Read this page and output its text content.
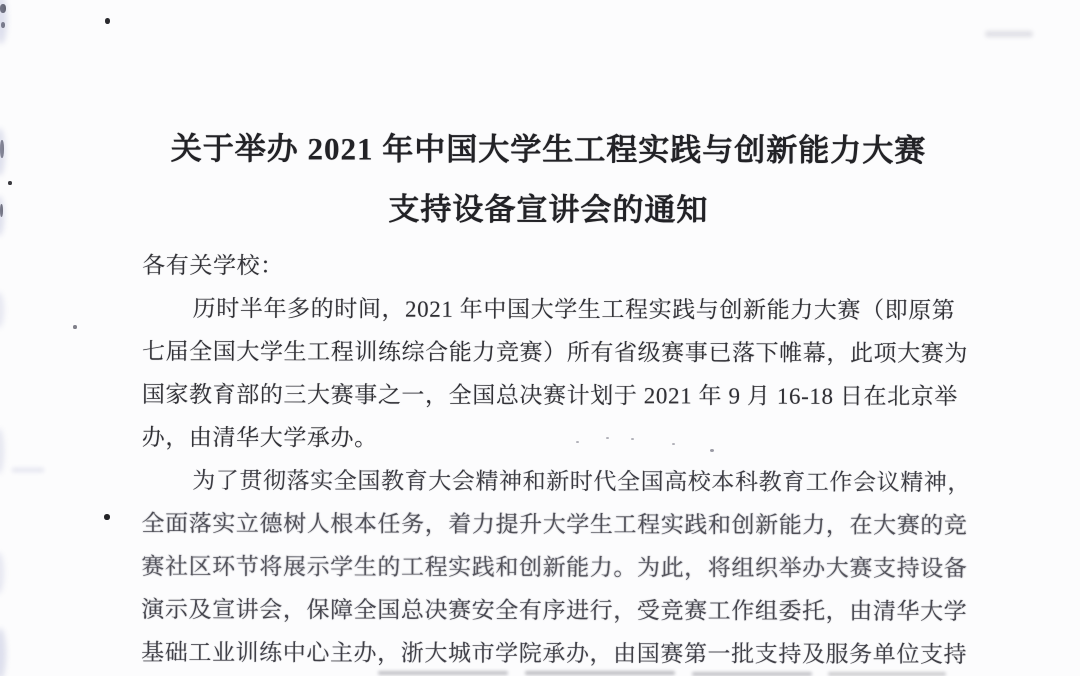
关于举办 2021 年中国大学生工程实践与创新能力大赛
支持设备宣讲会的通知
各有关学校：
历时半年多的时间，2021 年中国大学生工程实践与创新能力大赛（即原第
七届全国大学生工程训练综合能力竞赛）所有省级赛事已落下帷幕，此项大赛为
国家教育部的三大赛事之一，全国总决赛计划于 2021 年 9 月 16-18 日在北京举
办，由清华大学承办。
为了贯彻落实全国教育大会精神和新时代全国高校本科教育工作会议精神，
全面落实立德树人根本任务，着力提升大学生工程实践和创新能力，在大赛的竞
赛社区环节将展示学生的工程实践和创新能力。为此，将组织举办大赛支持设备
演示及宣讲会，保障全国总决赛安全有序进行，受竞赛工作组委托，由清华大学
基础工业训练中心主办，浙大城市学院承办，由国赛第一批支持及服务单位支持
